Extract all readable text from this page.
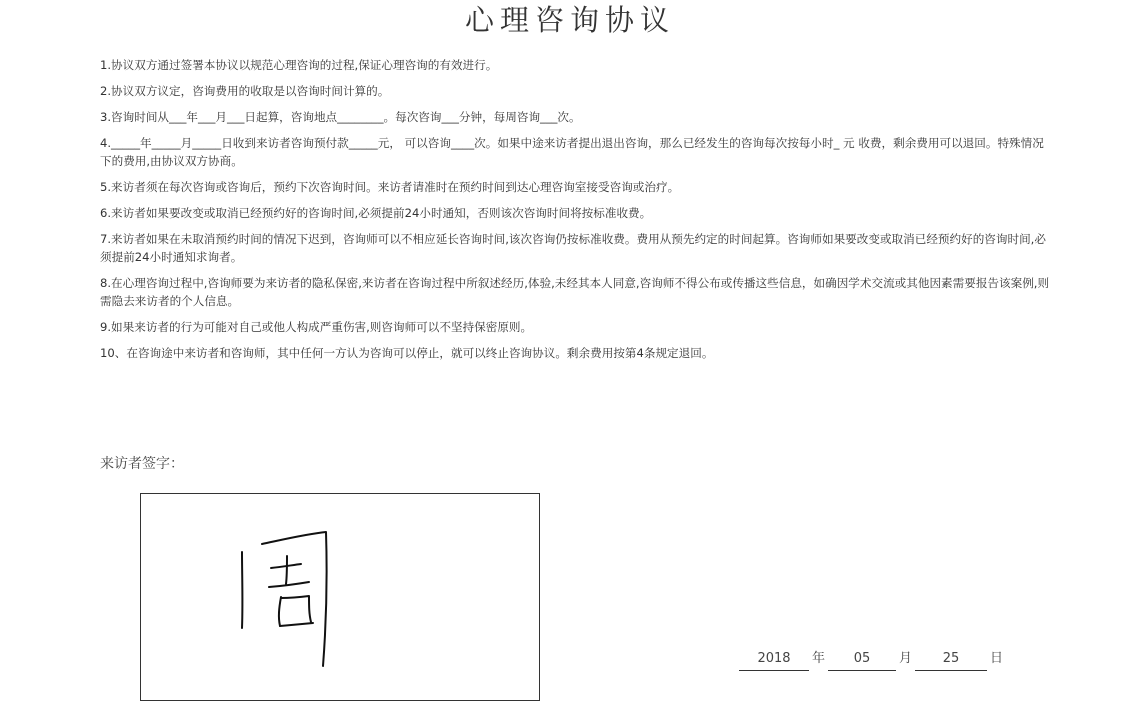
心理咨询协议
1.协议双方通过签署本协议以规范心理咨询的过程,保证心理咨询的有效进行。
2.协议双方议定，咨询费用的收取是以咨询时间计算的。
3.咨询时间从___年___月___日起算，咨询地点________。每次咨询___分钟，每周咨询___次。
4._____年_____月_____日收到来访者咨询预付款_____元， 可以咨询____次。如果中途来访者提出退出咨询，那么已经发生的咨询每次按每小时_ 元 收费，剩余费用可以退回。特殊情况下的费用,由协议双方协商。
5.来访者须在每次咨询或咨询后，预约下次咨询时间。来访者请准时在预约时间到达心理咨询室接受咨询或治疗。
6.来访者如果要改变或取消已经预约好的咨询时间,必须提前24小时通知，否则该次咨询时间将按标准收费。
7.来访者如果在未取消预约时间的情况下迟到，咨询师可以不相应延长咨询时间,该次咨询仍按标准收费。费用从预先约定的时间起算。咨询师如果要改变或取消已经预约好的咨询时间,必须提前24小时通知求询者。
8.在心理咨询过程中,咨询师要为来访者的隐私保密,来访者在咨询过程中所叙述经历,体验,未经其本人同意,咨询师不得公布或传播这些信息，如确因学术交流或其他因素需要报告该案例,则需隐去来访者的个人信息。
9.如果来访者的行为可能对自己或他人构成严重伤害,则咨询师可以不坚持保密原则。
10、在咨询途中来访者和咨询师，其中任何一方认为咨询可以停止，就可以终止咨询协议。剩余费用按第4条规定退回。
来访者签字：
2018	年	05	月	25	日
